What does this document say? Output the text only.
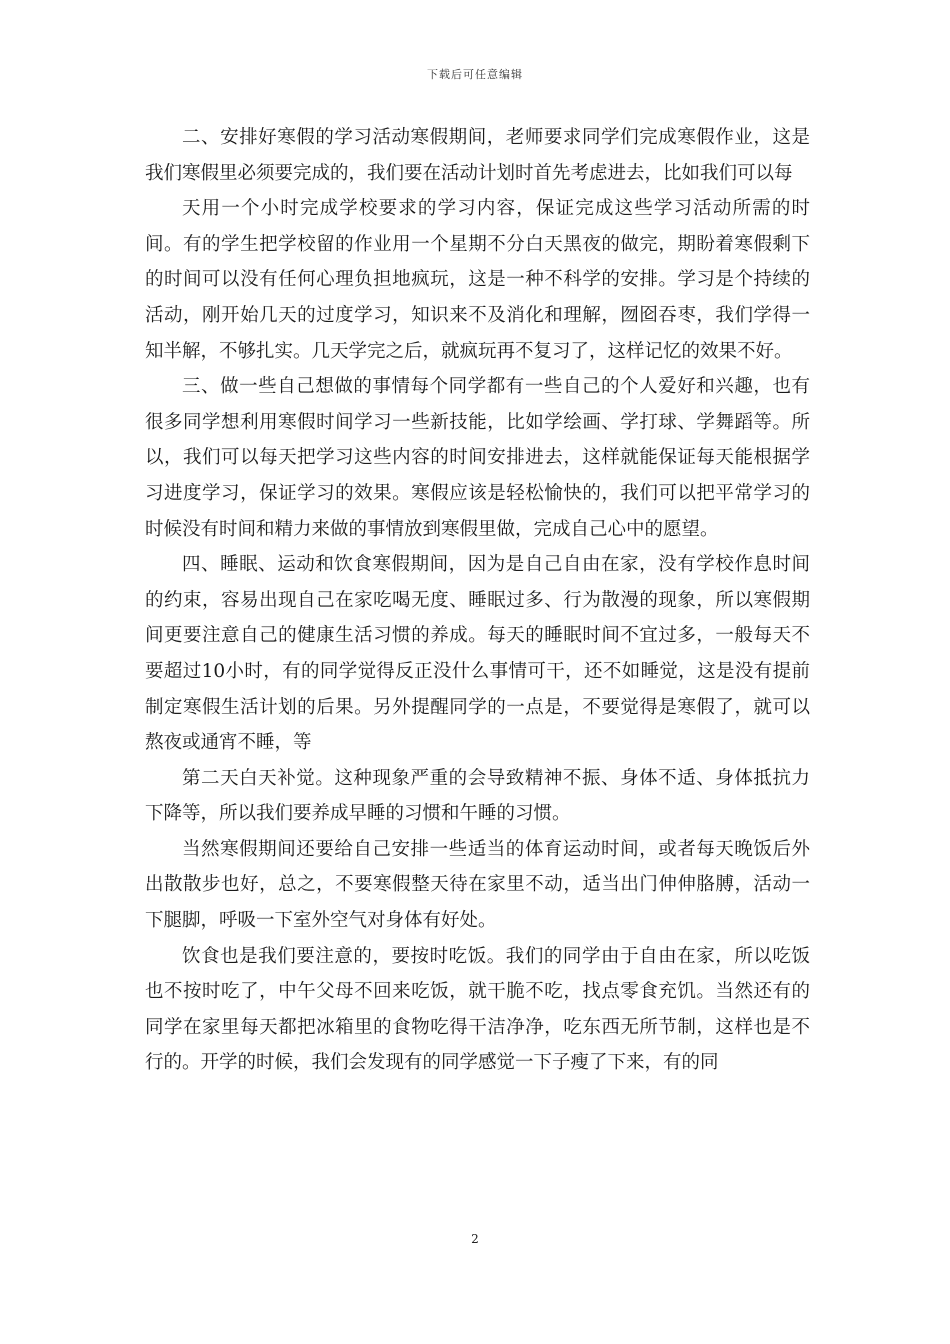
下载后可任意编辑

二、安排好寒假的学习活动寒假期间，老师要求同学们完成寒假作业，这是我们寒假里必须要完成的，我们要在活动计划时首先考虑进去，比如我们可以每

天用一个小时完成学校要求的学习内容，保证完成这些学习活动所需的时间。有的学生把学校留的作业用一个星期不分白天黑夜的做完，期盼着寒假剩下的时间可以没有任何心理负担地疯玩，这是一种不科学的安排。学习是个持续的活动，刚开始几天的过度学习，知识来不及消化和理解，囫囵吞枣，我们学得一知半解，不够扎实。几天学完之后，就疯玩再不复习了，这样记忆的效果不好。

三、做一些自己想做的事情每个同学都有一些自己的个人爱好和兴趣，也有很多同学想利用寒假时间学习一些新技能，比如学绘画、学打球、学舞蹈等。所以，我们可以每天把学习这些内容的时间安排进去，这样就能保证每天能根据学习进度学习，保证学习的效果。寒假应该是轻松愉快的，我们可以把平常学习的时候没有时间和精力来做的事情放到寒假里做，完成自己心中的愿望。

四、睡眠、运动和饮食寒假期间，因为是自己自由在家，没有学校作息时间的约束，容易出现自己在家吃喝无度、睡眠过多、行为散漫的现象，所以寒假期间更要注意自己的健康生活习惯的养成。每天的睡眠时间不宜过多，一般每天不要超过10小时，有的同学觉得反正没什么事情可干，还不如睡觉，这是没有提前制定寒假生活计划的后果。另外提醒同学的一点是，不要觉得是寒假了，就可以熬夜或通宵不睡，等

第二天白天补觉。这种现象严重的会导致精神不振、身体不适、身体抵抗力下降等，所以我们要养成早睡的习惯和午睡的习惯。

当然寒假期间还要给自己安排一些适当的体育运动时间，或者每天晚饭后外出散散步也好，总之，不要寒假整天待在家里不动，适当出门伸伸胳膊，活动一下腿脚，呼吸一下室外空气对身体有好处。

饮食也是我们要注意的，要按时吃饭。我们的同学由于自由在家，所以吃饭也不按时吃了，中午父母不回来吃饭，就干脆不吃，找点零食充饥。当然还有的同学在家里每天都把冰箱里的食物吃得干洁净净，吃东西无所节制，这样也是不行的。开学的时候，我们会发现有的同学感觉一下子瘦了下来，有的同

2
